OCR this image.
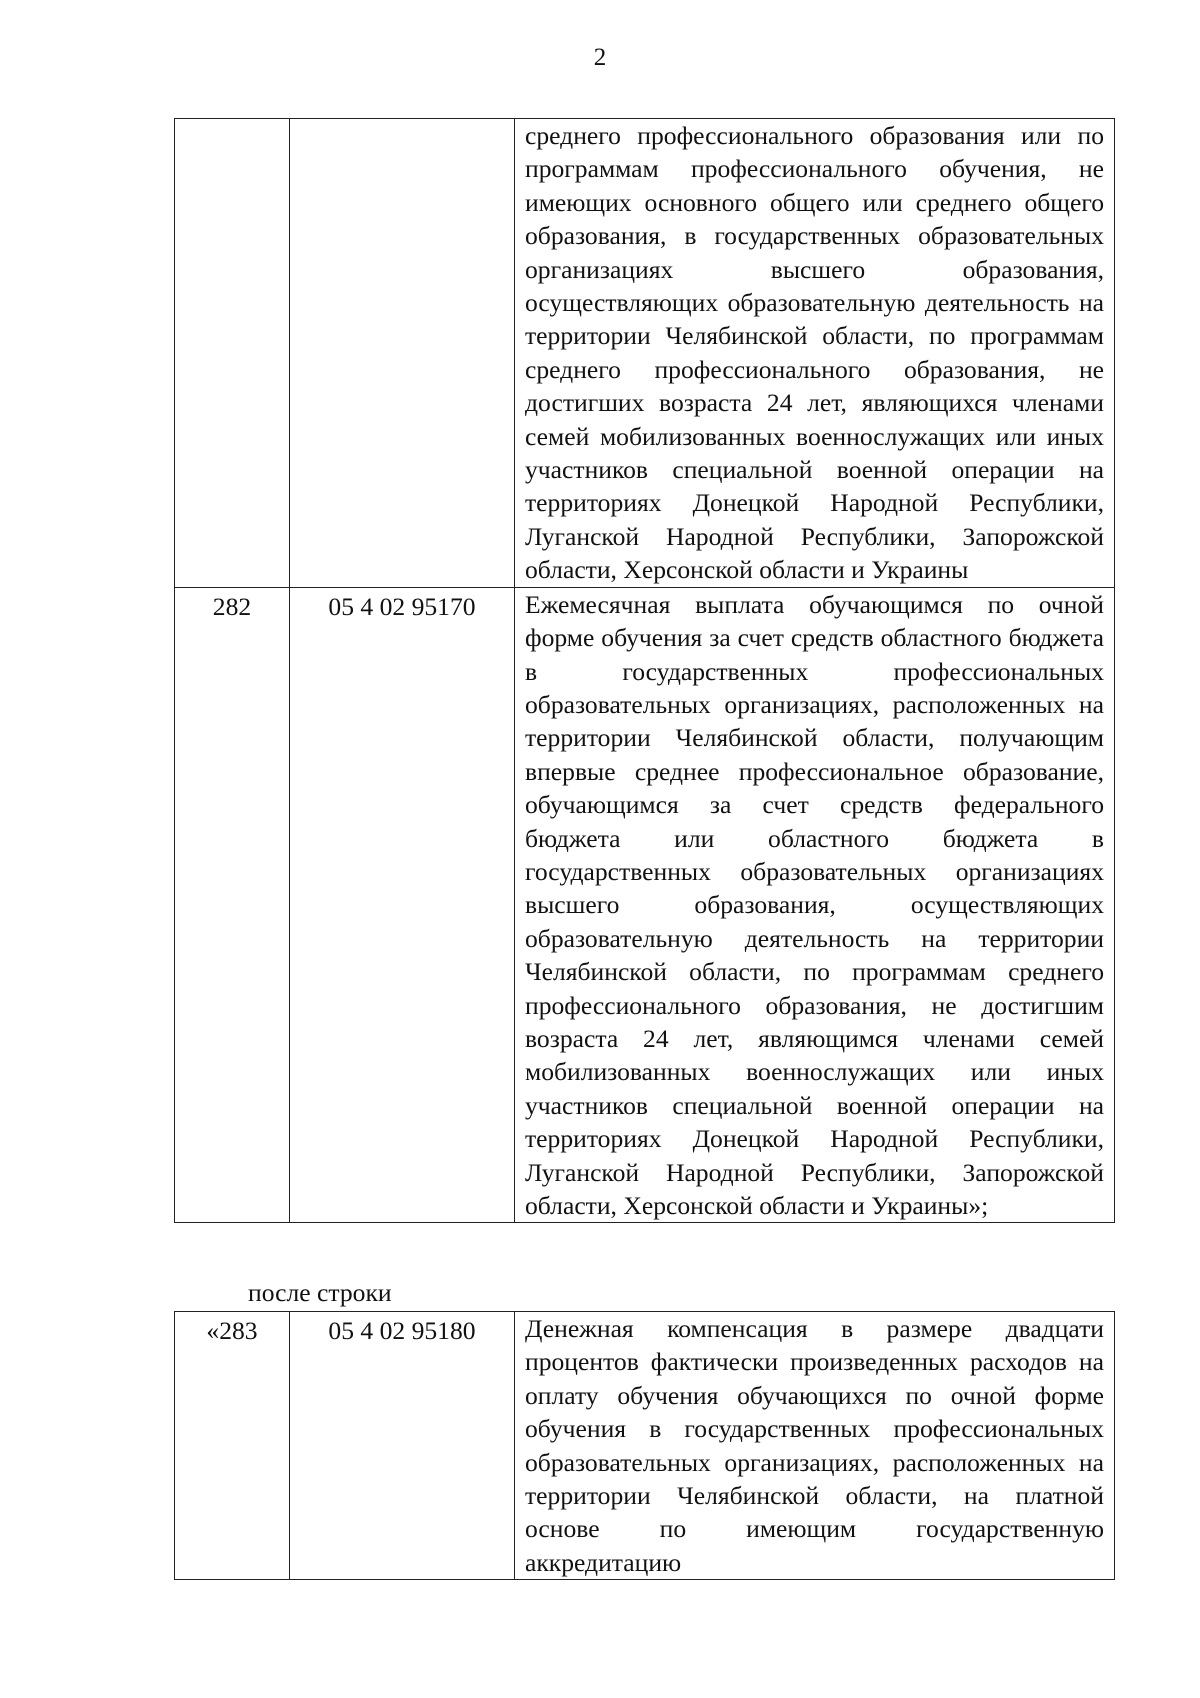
2

		среднего профессионального образования или по программам профессионального обучения, не имеющих основного общего или среднего общего образования, в государственных образовательных организациях высшего образования, осуществляющих образовательную деятельность на территории Челябинской области, по программам среднего профессионального образования, не достигших возраста 24 лет, являющихся членами семей мобилизованных военнослужащих или иных участников специальной военной операции на территориях Донецкой Народной Республики, Луганской Народной Республики, Запорожской области, Херсонской области и Украины

282	05 4 02 95170	Ежемесячная выплата обучающимся по очной форме обучения за счет средств областного бюджета в государственных профессиональных образовательных организациях, расположенных на территории Челябинской области, получающим впервые среднее профессиональное образование, обучающимся за счет средств федерального бюджета или областного бюджета в государственных образовательных организациях высшего образования, осуществляющих образовательную деятельность на территории Челябинской области, по программам среднего профессионального образования, не достигшим возраста 24 лет, являющимся членами семей мобилизованных военнослужащих или иных участников специальной военной операции на территориях Донецкой Народной Республики, Луганской Народной Республики, Запорожской области, Херсонской области и Украины»;
после строки
«283	05 4 02 95180	Денежная компенсация в размере двадцати процентов фактически произведенных расходов на оплату обучения обучающихся по очной форме обучения в государственных профессиональных образовательных организациях, расположенных на территории Челябинской области, на платной основе по имеющим государственную аккредитацию
